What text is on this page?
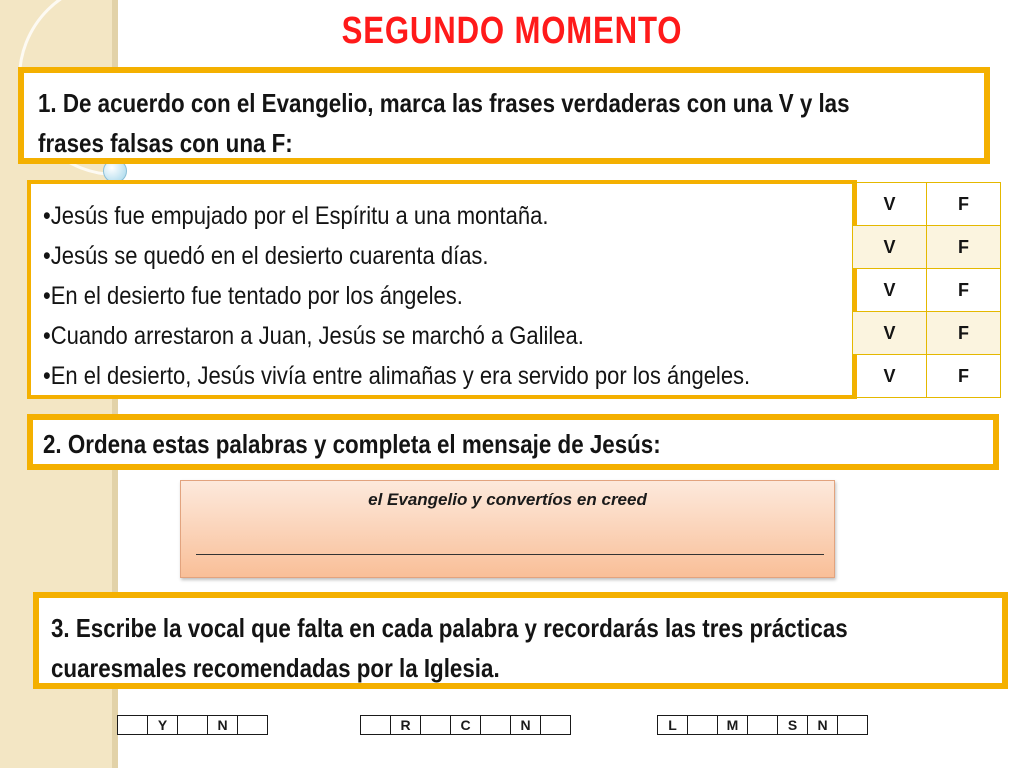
SEGUNDO MOMENTO
1. De acuerdo con el Evangelio, marca las frases verdaderas con una V y las
frases falsas con una F:
•Jesús fue empujado por el Espíritu a una montaña.
•Jesús se quedó en el desierto cuarenta días.
•En el desierto fue tentado por los ángeles.
•Cuando arrestaron a Juan, Jesús se marchó a Galilea.
•En el desierto, Jesús vivía entre alimañas y era servido por los ángeles.
V	F
V	F
V	F
V	F
V	F
2. Ordena estas palabras y completa el mensaje de Jesús:
el Evangelio y convertíos en creed
3. Escribe la vocal que falta en cada palabra y recordarás las tres prácticas
cuaresmales recomendadas por la Iglesia.
	Y		N	
		R		C		N		L		M		S	N	
